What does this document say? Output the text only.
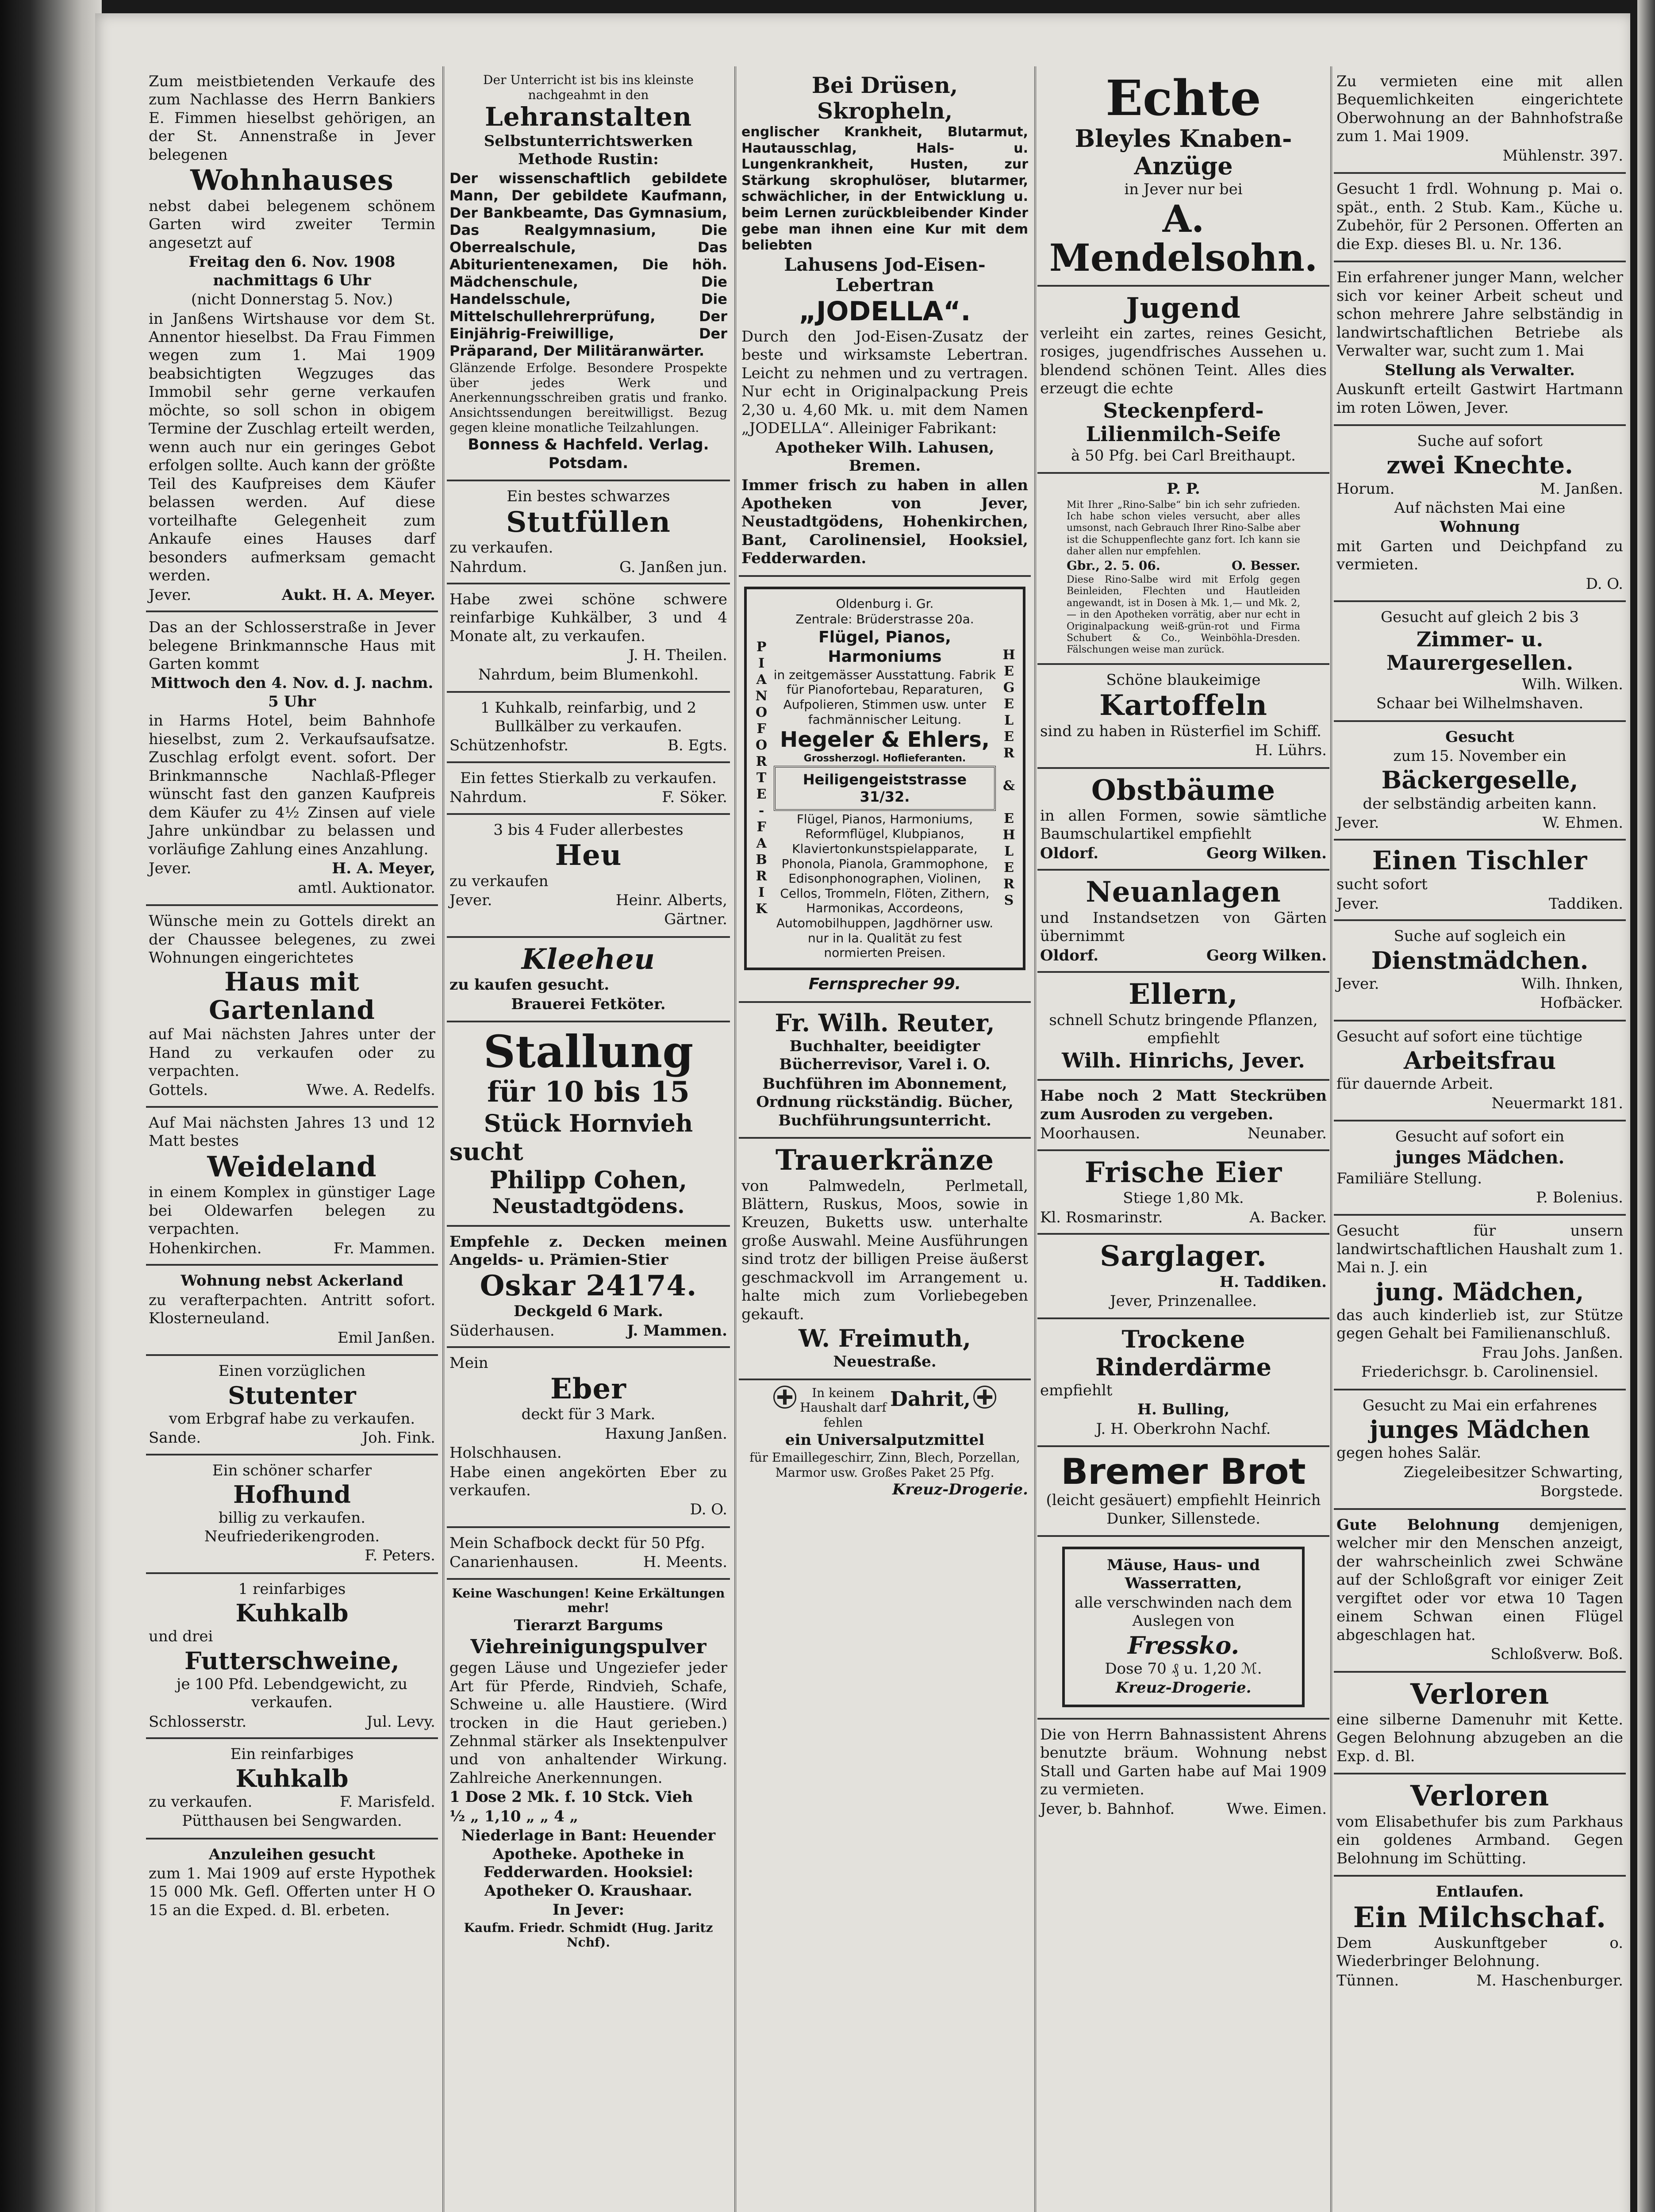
Zum meistbietenden Verkaufe des zum Nachlasse des Herrn Bankiers E. Fimmen hieselbst gehörigen, an der St. Annenstraße in Jever belegenen

Wohnhauses

nebst dabei belegenem schönem Garten wird zweiter Termin angesetzt auf

Freitag den 6. Nov. 1908 nachmittags 6 Uhr

(nicht Donnerstag 5. Nov.)

in Janßens Wirtshause vor dem St. Annentor hieselbst. Da Frau Fimmen wegen zum 1. Mai 1909 beabsichtigten Wegzuges das Immobil sehr gerne verkaufen möchte, so soll schon in obigem Termine der Zuschlag erteilt werden, wenn auch nur ein geringes Gebot erfolgen sollte. Auch kann der größte Teil des Kaufpreises dem Käufer belassen werden. Auf diese vorteilhafte Gelegenheit zum Ankaufe eines Hauses darf besonders aufmerksam gemacht werden.

Jever.	Aukt. H. A. Meyer.

Das an der Schlosserstraße in Jever belegene Brinkmannsche Haus mit Garten kommt

Mittwoch den 4. Nov. d. J. nachm. 5 Uhr

in Harms Hotel, beim Bahnhofe hieselbst, zum 2. Verkaufsaufsatze. Zuschlag erfolgt event. sofort. Der Brinkmannsche Nachlaß-Pfleger wünscht fast den ganzen Kaufpreis dem Käufer zu 4½ Zinsen auf viele Jahre unkündbar zu belassen und vorläufige Zahlung eines Anzahlung.

Jever.	H. A. Meyer,

amtl. Auktionator.

Wünsche mein zu Gottels direkt an der Chaussee belegenes, zu zwei Wohnungen eingerichtetes

Haus mit Gartenland

auf Mai nächsten Jahres unter der Hand zu verkaufen oder zu verpachten.

Gottels.	Wwe. A. Redelfs.

Auf Mai nächsten Jahres 13 und 12 Matt bestes

Weideland

in einem Komplex in günstiger Lage bei Oldewarfen belegen zu verpachten.

Hohenkirchen.	Fr. Mammen.

Wohnung nebst Ackerland

zu verafterpachten. Antritt sofort. Klosterneuland.

Emil Janßen.

Einen vorzüglichen

Stutenter

vom Erbgraf habe zu verkaufen.

Sande.	Joh. Fink.

Ein schöner scharfer

Hofhund

billig zu verkaufen. Neufriederikengroden.

F. Peters.

1 reinfarbiges

Kuhkalb

und drei

Futterschweine,

je 100 Pfd. Lebendgewicht, zu verkaufen.

Schlosserstr.	Jul. Levy.

Ein reinfarbiges

Kuhkalb

zu verkaufen.	F. Marisfeld.

Pütthausen bei Sengwarden.

Anzuleihen gesucht

zum 1. Mai 1909 auf erste Hypothek 15 000 Mk. Gefl. Offerten unter H O 15 an die Exped. d. Bl. erbeten.

Der Unterricht ist bis ins kleinste nachgeahmt in den

Lehranstalten

Selbstunterrichtswerken Methode Rustin:

Der wissenschaftlich gebildete Mann, Der gebildete Kaufmann, Der Bankbeamte, Das Gymnasium, Das Realgymnasium, Die Oberrealschule, Das Abiturientenexamen, Die höh. Mädchenschule, Die Handelsschule, Die Mittelschullehrerprüfung, Der Einjährig-Freiwillige, Der Präparand, Der Militäranwärter.

Glänzende Erfolge. Besondere Prospekte über jedes Werk und Anerkennungsschreiben gratis und franko. Ansichtssendungen bereitwilligst. Bezug gegen kleine monatliche Teilzahlungen.

Bonness & Hachfeld. Verlag. Potsdam.

Ein bestes schwarzes

Stutfüllen

zu verkaufen.

Nahrdum.	G. Janßen jun.

Habe zwei schöne schwere reinfarbige Kuhkälber, 3 und 4 Monate alt, zu verkaufen.

J. H. Theilen.

Nahrdum, beim Blumenkohl.

1 Kuhkalb, reinfarbig, und 2 Bullkälber zu verkaufen.

Schützenhofstr.	B. Egts.

Ein fettes Stierkalb zu verkaufen.

Nahrdum.	F. Söker.

3 bis 4 Fuder allerbestes

Heu

zu verkaufen

Jever.	Heinr. Alberts,

Gärtner.

Kleeheu

zu kaufen gesucht.

Brauerei Fetköter.

Stallung

für 10 bis 15

Stück Hornvieh

sucht

Philipp Cohen,

Neustadtgödens.

Empfehle z. Decken meinen Angelds- u. Prämien-Stier

Oskar 24174.

Deckgeld 6 Mark.

Süderhausen.	J. Mammen.

Mein

Eber

deckt für 3 Mark.

Haxung Janßen.

Holschhausen.

Habe einen angekörten Eber zu verkaufen.

D. O.

Mein Schafbock deckt für 50 Pfg.

Canarienhausen.	H. Meents.

Keine Waschungen! Keine Erkältungen mehr!

Tierarzt Bargums

Viehreinigungspulver

gegen Läuse und Ungeziefer jeder Art für Pferde, Rindvieh, Schafe, Schweine u. alle Haustiere. (Wird trocken in die Haut gerieben.) Zehnmal stärker als Insektenpulver und von anhaltender Wirkung. Zahlreiche Anerkennungen.

1 Dose 2 Mk. f. 10 Stck. Vieh

½ „ 1,10 „ „ 4 „

Niederlage in Bant: Heuender Apotheke. Apotheke in Fedderwarden. Hooksiel: Apotheker O. Kraushaar.

In Jever:

Kaufm. Friedr. Schmidt (Hug. Jaritz Nchf).

Bei Drüsen, Skropheln,

englischer Krankheit, Blutarmut, Hautausschlag, Hals- u. Lungenkrankheit, Husten, zur Stärkung skrophulöser, blutarmer, schwächlicher, in der Entwicklung u. beim Lernen zurückbleibender Kinder gebe man ihnen eine Kur mit dem beliebten

Lahusens Jod-Eisen-Lebertran

„JODELLA“.

Durch den Jod-Eisen-Zusatz der beste und wirksamste Lebertran. Leicht zu nehmen und zu vertragen. Nur echt in Originalpackung Preis 2,30 u. 4,60 Mk. u. mit dem Namen „JODELLA“. Alleiniger Fabrikant:

Apotheker Wilh. Lahusen, Bremen.

Immer frisch zu haben in allen Apotheken von Jever, Neustadtgödens, Hohenkirchen, Bant, Carolinensiel, Hooksiel, Fedderwarden.

PIANOFORTE-FABRIK

Oldenburg i. Gr.

Zentrale: Brüderstrasse 20a.

Flügel, Pianos, Harmoniums

in zeitgemässer Ausstattung. Fabrik für Pianofortebau, Reparaturen, Aufpolieren, Stimmen usw. unter fachmännischer Leitung.

Hegeler & Ehlers,

Grossherzogl. Hoflieferanten.

Heiligengeiststrasse 31/32.

Flügel, Pianos, Harmoniums, Reformflügel, Klubpianos, Klaviertonkunstspielapparate, Phonola, Pianola, Grammophone, Edisonphonographen, Violinen, Cellos, Trommeln, Flöten, Zithern, Harmonikas, Accordeons, Automobilhuppen, Jagdhörner usw. nur in Ia. Qualität zu fest normierten Preisen.

HEGELER & EHLERS

Fernsprecher 99.

Fr. Wilh. Reuter,

Buchhalter, beeidigter Bücherrevisor, Varel i. O.

Buchführen im Abonnement, Ordnung rückständig. Bücher, Buchführungsunterricht.

Trauerkränze

von Palmwedeln, Perlmetall, Blättern, Ruskus, Moos, sowie in Kreuzen, Buketts usw. unterhalte große Auswahl. Meine Ausführungen sind trotz der billigen Preise äußerst geschmackvoll im Arrangement u. halte mich zum Vorliebegeben gekauft.

W. Freimuth,

Neuestraße.

In keinem Haushalt darf fehlen
Dahrit,

ein Universalputzmittel

für Emaillegeschirr, Zinn, Blech, Porzellan, Marmor usw. Großes Paket 25 Pfg.

Kreuz-Drogerie.

Echte

Bleyles Knaben-Anzüge

in Jever nur bei

A. Mendelsohn.

Jugend

verleiht ein zartes, reines Gesicht, rosiges, jugendfrisches Aussehen u. blendend schönen Teint. Alles dies erzeugt die echte

Steckenpferd-Lilienmilch-Seife

à 50 Pfg. bei Carl Breithaupt.

P. P.

Mit Ihrer „Rino-Salbe“ bin ich sehr zufrieden. Ich habe schon vieles versucht, aber alles umsonst, nach Gebrauch Ihrer Rino-Salbe aber ist die Schuppenflechte ganz fort. Ich kann sie daher allen nur empfehlen.

Gbr., 2. 5. 06.	O. Besser.

Diese Rino-Salbe wird mit Erfolg gegen Beinleiden, Flechten und Hautleiden angewandt, ist in Dosen à Mk. 1,— und Mk. 2,— in den Apotheken vorrätig, aber nur echt in Originalpackung weiß-grün-rot und Firma Schubert & Co., Weinböhla-Dresden. Fälschungen weise man zurück.

Schöne blaukeimige

Kartoffeln

sind zu haben in Rüsterfiel im Schiff.

H. Lührs.

Obstbäume

in allen Formen, sowie sämtliche Baumschulartikel empfiehlt

Oldorf.	Georg Wilken.

Neuanlagen

und Instandsetzen von Gärten übernimmt

Oldorf.	Georg Wilken.

Ellern,

schnell Schutz bringende Pflanzen, empfiehlt

Wilh. Hinrichs, Jever.

Habe noch 2 Matt Steckrüben zum Ausroden zu vergeben.

Moorhausen.	Neunaber.

Frische Eier

Stiege 1,80 Mk.

Kl. Rosmarinstr.	A. Backer.

Sarglager.

H. Taddiken.

Jever, Prinzenallee.

Trockene Rinderdärme

empfiehlt

H. Bulling,

J. H. Oberkrohn Nachf.

Bremer Brot

(leicht gesäuert) empfiehlt Heinrich Dunker, Sillenstede.

Mäuse, Haus- und Wasserratten,

alle verschwinden nach dem Auslegen von

Fressko.

Dose 70 ₰ u. 1,20 ℳ.

Kreuz-Drogerie.

Die von Herrn Bahnassistent Ahrens benutzte bräum. Wohnung nebst Stall und Garten habe auf Mai 1909 zu vermieten.

Jever, b. Bahnhof.	Wwe. Eimen.

Zu vermieten eine mit allen Bequemlichkeiten eingerichtete Oberwohnung an der Bahnhofstraße zum 1. Mai 1909.

Mühlenstr. 397.

Gesucht 1 frdl. Wohnung p. Mai o. spät., enth. 2 Stub. Kam., Küche u. Zubehör, für 2 Personen. Offerten an die Exp. dieses Bl. u. Nr. 136.

Ein erfahrener junger Mann, welcher sich vor keiner Arbeit scheut und schon mehrere Jahre selbständig in landwirtschaftlichen Betriebe als Verwalter war, sucht zum 1. Mai

Stellung als Verwalter.

Auskunft erteilt Gastwirt Hartmann im roten Löwen, Jever.

Suche auf sofort

zwei Knechte.

Horum.	M. Janßen.

Auf nächsten Mai eine

Wohnung

mit Garten und Deichpfand zu vermieten.

D. O.

Gesucht auf gleich 2 bis 3

Zimmer- u. Maurergesellen.

Wilh. Wilken.

Schaar bei Wilhelmshaven.

Gesucht

zum 15. November ein

Bäckergeselle,

der selbständig arbeiten kann.

Jever.	W. Ehmen.

Einen Tischler

sucht sofort

Jever.	Taddiken.

Suche auf sogleich ein

Dienstmädchen.

Jever.	Wilh. Ihnken,

Hofbäcker.

Gesucht auf sofort eine tüchtige

Arbeitsfrau

für dauernde Arbeit.

Neuermarkt 181.

Gesucht auf sofort ein

junges Mädchen.

Familiäre Stellung.

P. Bolenius.

Gesucht für unsern landwirtschaftlichen Haushalt zum 1. Mai n. J. ein

jung. Mädchen,

das auch kinderlieb ist, zur Stütze gegen Gehalt bei Familienanschluß.

Frau Johs. Janßen.

Friederichsgr. b. Carolinensiel.

Gesucht zu Mai ein erfahrenes

junges Mädchen

gegen hohes Salär.

Ziegeleibesitzer Schwarting,

Borgstede.

Gute Belohnung demjenigen, welcher mir den Menschen anzeigt, der wahrscheinlich zwei Schwäne auf der Schloßgraft vor einiger Zeit vergiftet oder vor etwa 10 Tagen einem Schwan einen Flügel abgeschlagen hat.

Schloßverw. Boß.

Verloren

eine silberne Damenuhr mit Kette. Gegen Belohnung abzugeben an die Exp. d. Bl.

Verloren

vom Elisabethufer bis zum Parkhaus ein goldenes Armband. Gegen Belohnung im Schütting.

Entlaufen.

Ein Milchschaf.

Dem Auskunftgeber o. Wiederbringer Belohnung.

Tünnen.	M. Haschenburger.
